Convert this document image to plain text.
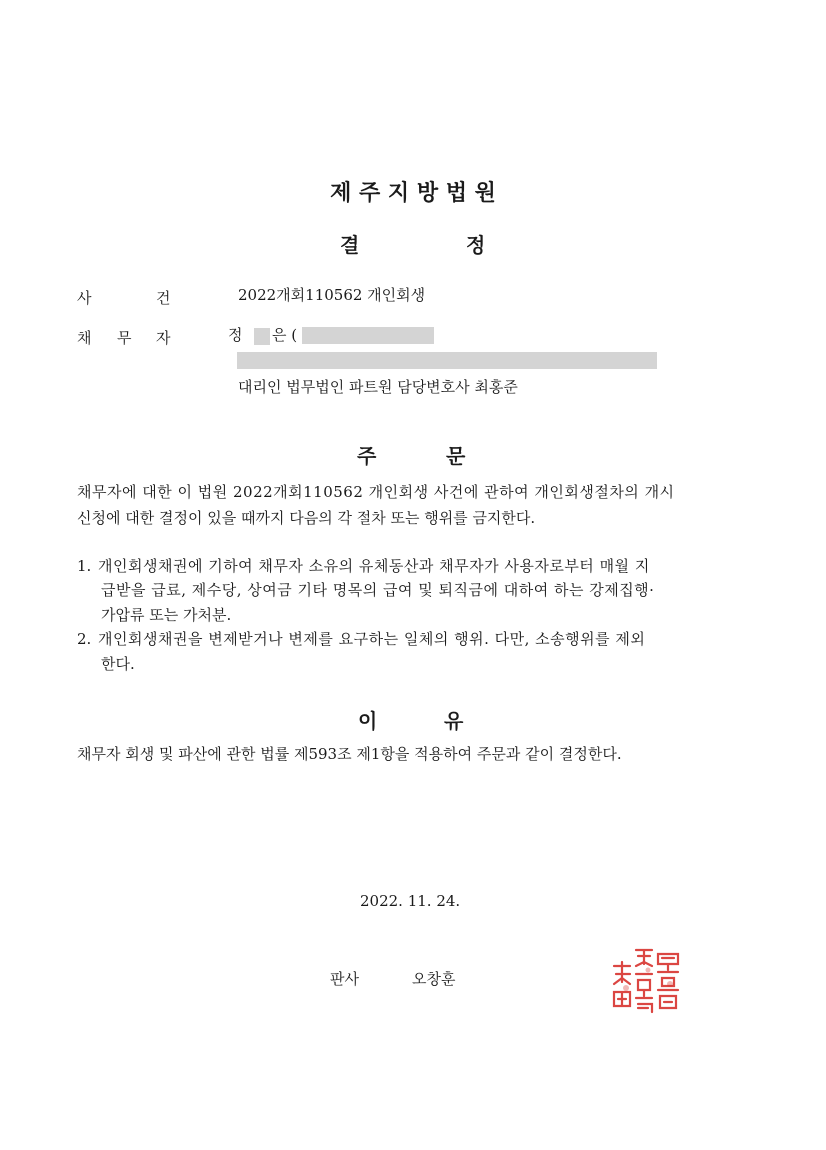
제 주 지 방 법 원
결	정
사	건	2022개회110562 개인회생
채 무 자	정 은 (
대리인 법무법인 파트원 담당변호사 최홍준
주	문
채무자에 대한 이 법원 2022개회110562 개인회생 사건에 관하여 개인회생절차의 개시
신청에 대한 결정이 있을 때까지 다음의 각 절차 또는 행위를 금지한다.
1. 개인회생채권에 기하여 채무자 소유의 유체동산과 채무자가 사용자로부터 매월 지
급받을 급료, 제수당, 상여금 기타 명목의 급여 및 퇴직금에 대하여 하는 강제집행·
가압류 또는 가처분.
2. 개인회생채권을 변제받거나 변제를 요구하는 일체의 행위. 다만, 소송행위를 제외
한다.
이	유
채무자 회생 및 파산에 관한 법률 제593조 제1항을 적용하여 주문과 같이 결정한다.
2022. 11. 24.
판사	오창훈
